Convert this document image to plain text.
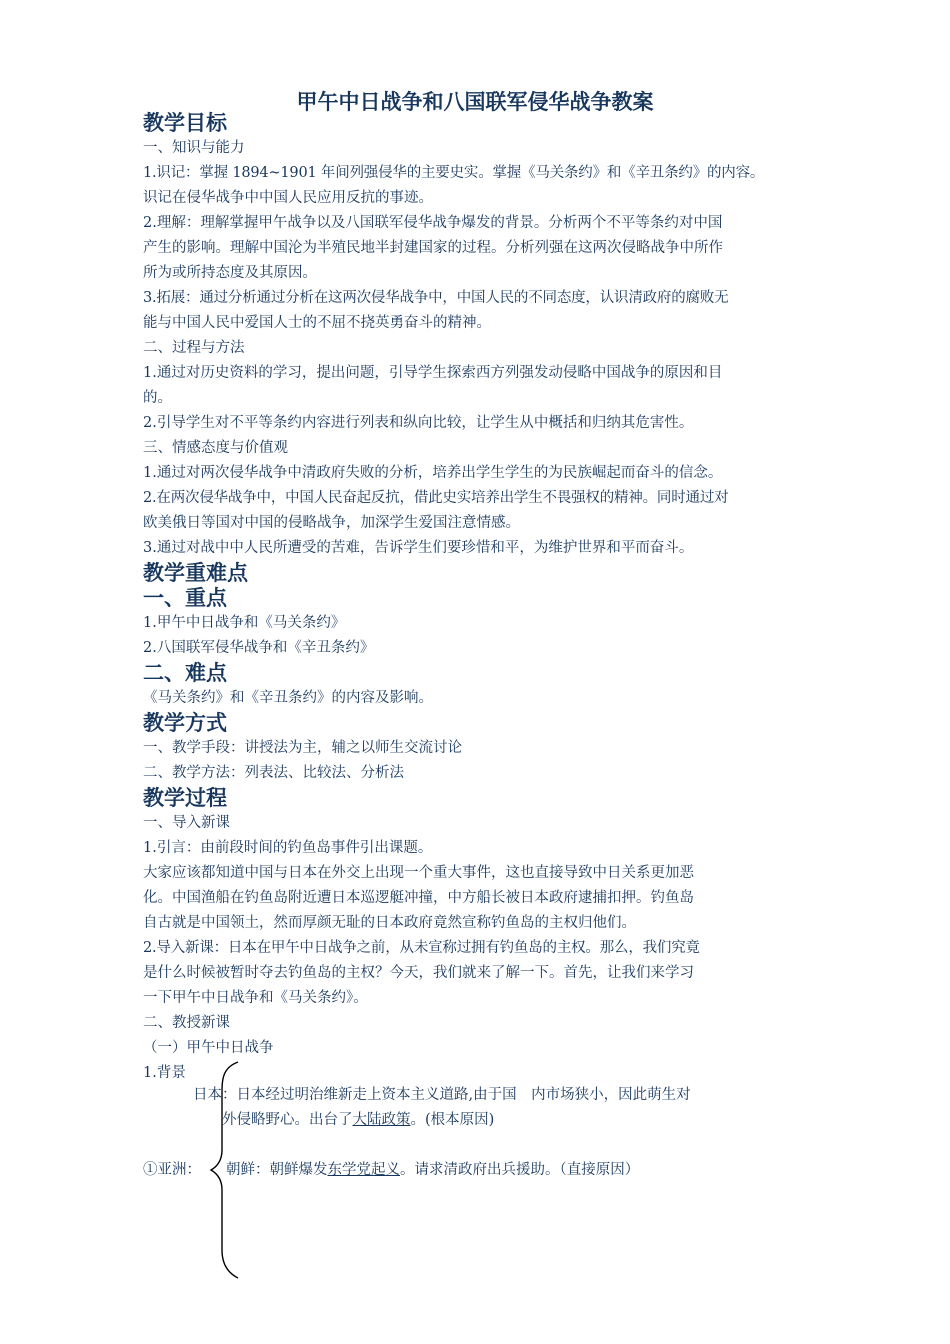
甲午中日战争和八国联军侵华战争教案
教学目标
一、知识与能力
1.识记：掌握 1894~1901 年间列强侵华的主要史实。掌握《马关条约》和《辛丑条约》的内容。
识记在侵华战争中中国人民应用反抗的事迹。
2.理解：理解掌握甲午战争以及八国联军侵华战争爆发的背景。分析两个不平等条约对中国
产生的影响。理解中国沦为半殖民地半封建国家的过程。分析列强在这两次侵略战争中所作
所为或所持态度及其原因。
3.拓展：通过分析通过分析在这两次侵华战争中，中国人民的不同态度，认识清政府的腐败无
能与中国人民中爱国人士的不屈不挠英勇奋斗的精神。
二、过程与方法
1.通过对历史资料的学习，提出问题，引导学生探索西方列强发动侵略中国战争的原因和目
的。
2.引导学生对不平等条约内容进行列表和纵向比较，让学生从中概括和归纳其危害性。
三、情感态度与价值观
1.通过对两次侵华战争中清政府失败的分析，培养出学生学生的为民族崛起而奋斗的信念。
2.在两次侵华战争中，中国人民奋起反抗，借此史实培养出学生不畏强权的精神。同时通过对
欧美俄日等国对中国的侵略战争，加深学生爱国注意情感。
3.通过对战中中人民所遭受的苦难，告诉学生们要珍惜和平，为维护世界和平而奋斗。
教学重难点
一、重点
1.甲午中日战争和《马关条约》
2.八国联军侵华战争和《辛丑条约》
二、难点
《马关条约》和《辛丑条约》的内容及影响。
教学方式
一、教学手段：讲授法为主，辅之以师生交流讨论
二、教学方法：列表法、比较法、分析法
教学过程
一、导入新课
1.引言：由前段时间的钓鱼岛事件引出课题。
大家应该都知道中国与日本在外交上出现一个重大事件，这也直接导致中日关系更加恶
化。中国渔船在钓鱼岛附近遭日本巡逻艇冲撞，中方船长被日本政府逮捕扣押。钓鱼岛
自古就是中国领土，然而厚颜无耻的日本政府竟然宣称钓鱼岛的主权归他们。
2.导入新课：日本在甲午中日战争之前，从未宣称过拥有钓鱼岛的主权。那么，我们究竟
是什么时候被暂时夺去钓鱼岛的主权？今天，我们就来了解一下。首先，让我们来学习
一下甲午中日战争和《马关条约》。
二、教授新课
（一）甲午中日战争
1.背景
日本：日本经过明治维新走上资本主义道路,由于国　内市场狭小，因此萌生对
外侵略野心。出台了大陆政策。(根本原因)
①亚洲： 朝鲜：朝鲜爆发东学党起义。请求清政府出兵援助。（直接原因）
